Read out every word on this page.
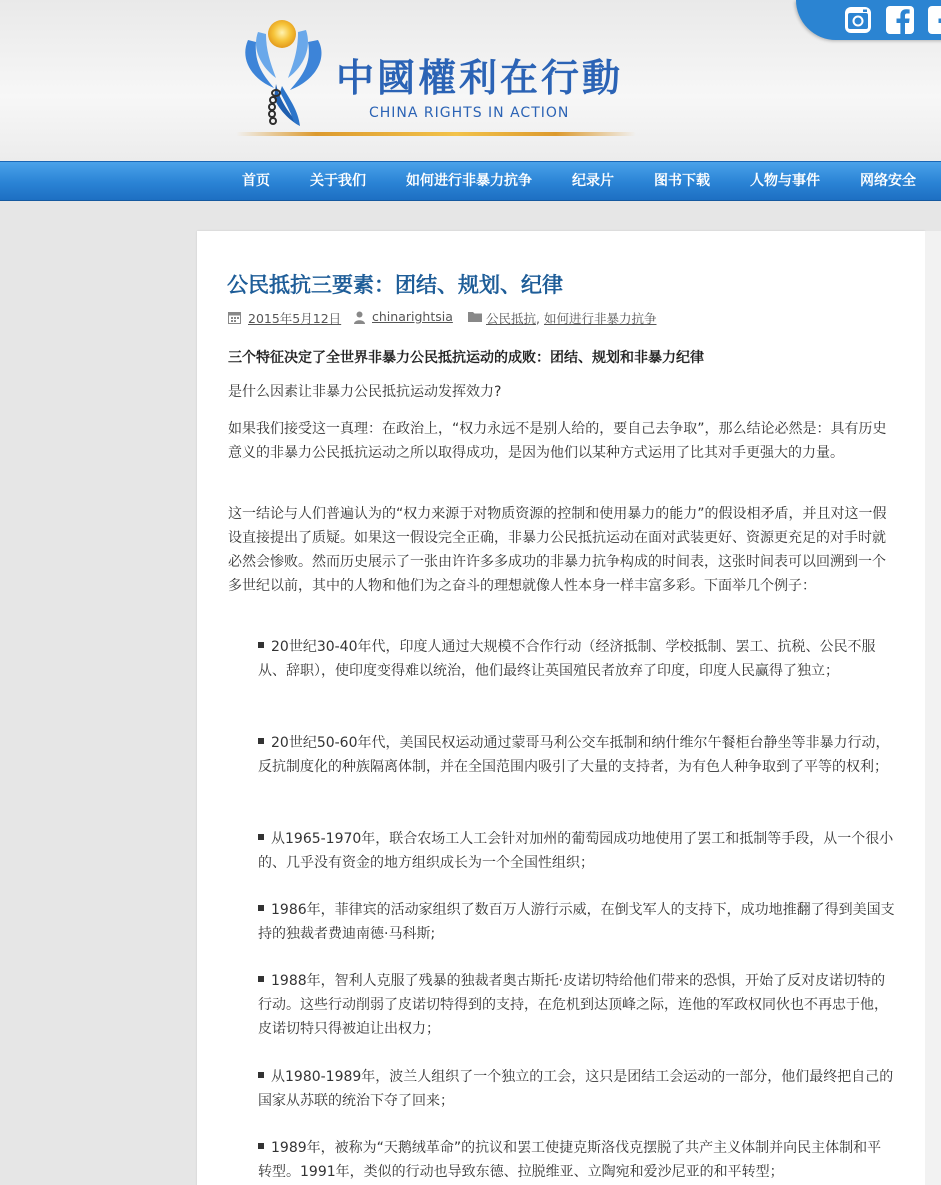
中國權利在行動
CHINA RIGHTS IN ACTION
首页	关于我们	如何进行非暴力抗争	纪录片	图书下载	人物与事件	网络安全
公民抵抗三要素：团结、规划、纪律
2015年5月12日 chinarightsia	公民抵抗, 如何进行非暴力抗争
三个特征决定了全世界非暴力公民抵抗运动的成败：团结、规划和非暴力纪律
是什么因素让非暴力公民抵抗运动发挥效力?
如果我们接受这一真理：在政治上，“权力永远不是别人给的，要自己去争取”，那么结论必然是：具有历史意义的非暴力公民抵抗运动之所以取得成功，是因为他们以某种方式运用了比其对手更强大的力量。
这一结论与人们普遍认为的“权力来源于对物质资源的控制和使用暴力的能力”的假设相矛盾，并且对这一假设直接提出了质疑。如果这一假设完全正确，非暴力公民抵抗运动在面对武装更好、资源更充足的对手时就必然会惨败。然而历史展示了一张由许许多多成功的非暴力抗争构成的时间表，这张时间表可以回溯到一个多世纪以前，其中的人物和他们为之奋斗的理想就像人性本身一样丰富多彩。下面举几个例子：
20世纪30-40年代，印度人通过大规模不合作行动（经济抵制、学校抵制、罢工、抗税、公民不服从、辞职），使印度变得难以统治，他们最终让英国殖民者放弃了印度，印度人民赢得了独立；
20世纪50-60年代，美国民权运动通过蒙哥马利公交车抵制和纳什维尔午餐柜台静坐等非暴力行动，反抗制度化的种族隔离体制，并在全国范围内吸引了大量的支持者，为有色人种争取到了平等的权利；
从1965-1970年，联合农场工人工会针对加州的葡萄园成功地使用了罢工和抵制等手段，从一个很小的、几乎没有资金的地方组织成长为一个全国性组织；
1986年，菲律宾的活动家组织了数百万人游行示威，在倒戈军人的支持下，成功地推翻了得到美国支持的独裁者费迪南德·马科斯;
1988年，智利人克服了残暴的独裁者奥古斯托·皮诺切特给他们带来的恐惧，开始了反对皮诺切特的行动。这些行动削弱了皮诺切特得到的支持，在危机到达顶峰之际，连他的军政权同伙也不再忠于他，皮诺切特只得被迫让出权力；
从1980-1989年，波兰人组织了一个独立的工会，这只是团结工会运动的一部分，他们最终把自己的国家从苏联的统治下夺了回来；
1989年，被称为“天鹅绒革命”的抗议和罢工使捷克斯洛伐克摆脱了共产主义体制并向民主体制和平转型。1991年，类似的行动也导致东德、拉脱维亚、立陶宛和爱沙尼亚的和平转型；
